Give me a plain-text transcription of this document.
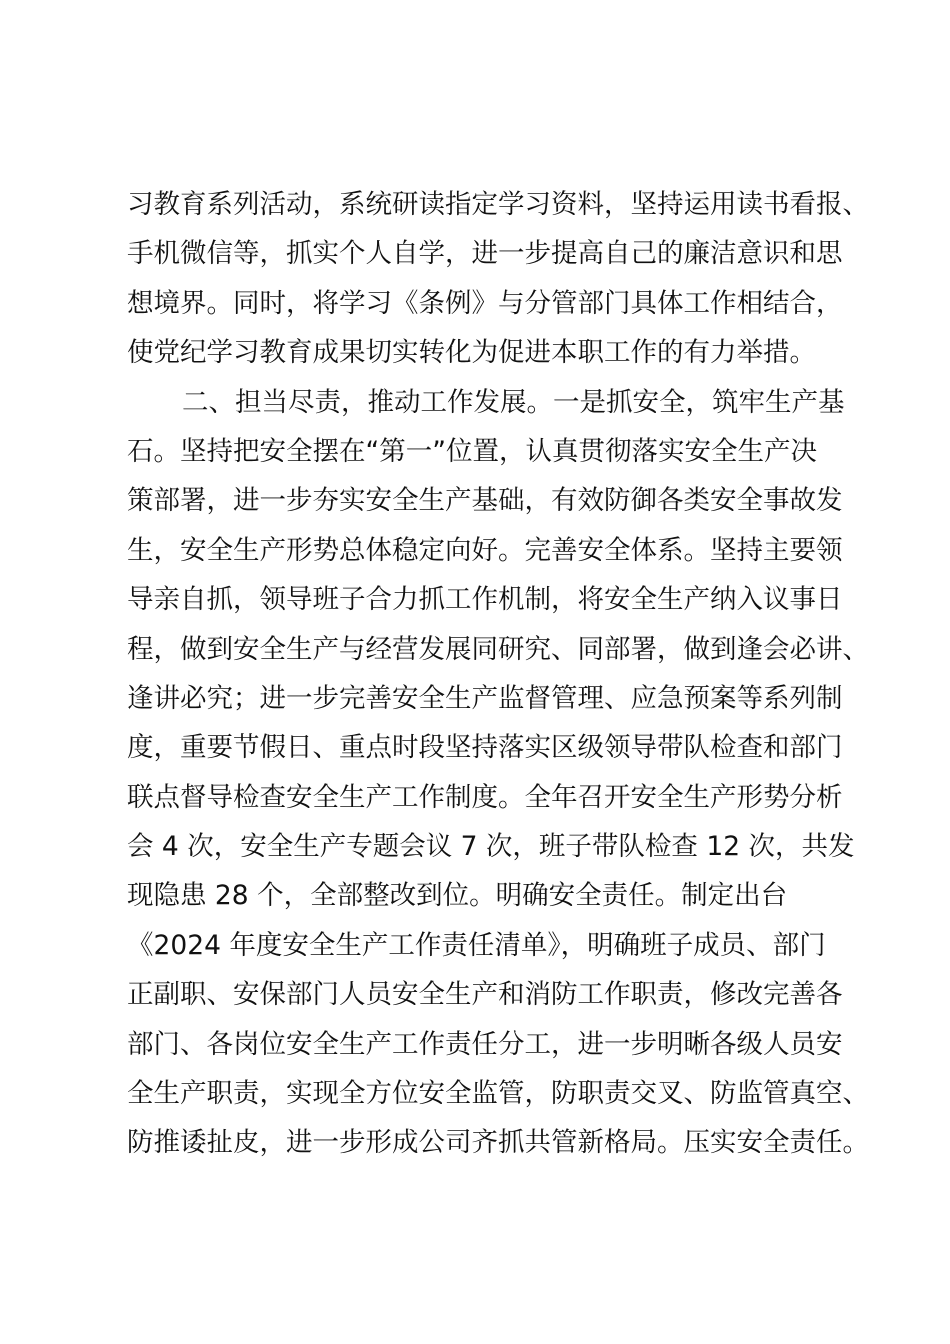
习教育系列活动，系统研读指定学习资料，坚持运用读书看报、
手机微信等，抓实个人自学，进一步提高自己的廉洁意识和思
想境界。同时，将学习《条例》与分管部门具体工作相结合，
使党纪学习教育成果切实转化为促进本职工作的有力举措。
二、担当尽责，推动工作发展。一是抓安全，筑牢生产基
石。坚持把安全摆在“第一”位置，认真贯彻落实安全生产决
策部署，进一步夯实安全生产基础，有效防御各类安全事故发
生，安全生产形势总体稳定向好。完善安全体系。坚持主要领
导亲自抓，领导班子合力抓工作机制，将安全生产纳入议事日
程，做到安全生产与经营发展同研究、同部署，做到逢会必讲、
逢讲必究；进一步完善安全生产监督管理、应急预案等系列制
度，重要节假日、重点时段坚持落实区级领导带队检查和部门
联点督导检查安全生产工作制度。全年召开安全生产形势分析
会 4 次，安全生产专题会议 7 次，班子带队检查 12 次，共发
现隐患 28 个，全部整改到位。明确安全责任。制定出台
《2024 年度安全生产工作责任清单》，明确班子成员、部门
正副职、安保部门人员安全生产和消防工作职责，修改完善各
部门、各岗位安全生产工作责任分工，进一步明晰各级人员安
全生产职责，实现全方位安全监管，防职责交叉、防监管真空、
防推诿扯皮，进一步形成公司齐抓共管新格局。压实安全责任。
